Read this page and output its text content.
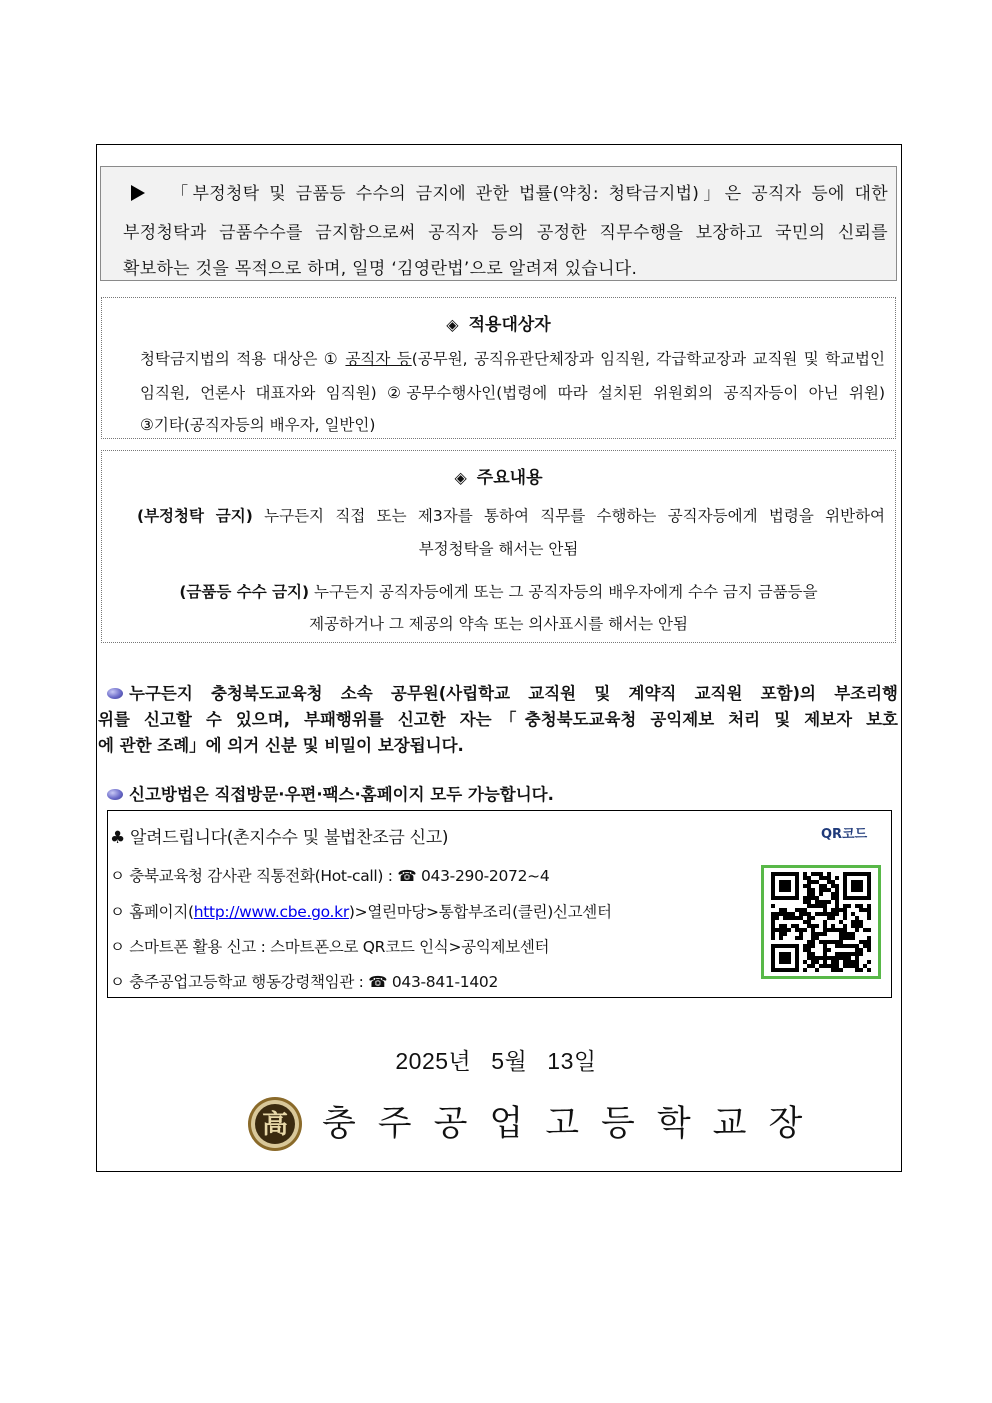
「부정청탁 및 금품등 수수의 금지에 관한 법률(약칭: 청탁금지법)」은 공직자 등에 대한
부정청탁과 금품수수를 금지함으로써 공직자 등의 공정한 직무수행을 보장하고 국민의 신뢰를
확보하는 것을 목적으로 하며, 일명 ‘김영란법’으로 알려져 있습니다.
◈ 적용대상자
청탁금지법의 적용 대상은 ① 공직자 등(공무원, 공직유관단체장과 임직원, 각급학교장과 교직원 및 학교법인
임직원, 언론사 대표자와 임직원) ②공무수행사인(법령에 따라 설치된 위원회의 공직자등이 아닌 위원)
③기타(공직자등의 배우자, 일반인)
◈ 주요내용
(부정청탁 금지) 누구든지 직접 또는 제3자를 통하여 직무를 수행하는 공직자등에게 법령을 위반하여
부정청탁을 해서는 안됨
(금품등 수수 금지) 누구든지 공직자등에게 또는 그 공직자등의 배우자에게 수수 금지 금품등을
제공하거나 그 제공의 약속 또는 의사표시를 해서는 안됨
누구든지 충청북도교육청 소속 공무원(사립학교 교직원 및 계약직 교직원 포함)의 부조리행
위를 신고할 수 있으며, 부패행위를 신고한 자는「충청북도교육청 공익제보 처리 및 제보자 보호
에 관한 조례」에 의거 신분 및 비밀이 보장됩니다.
신고방법은 직접방문·우편·팩스·홈페이지 모두 가능합니다.
♣ 알려드립니다(촌지수수 및 불법찬조금 신고)	QR코드
ㅇ 충북교육청 감사관 직통전화(Hot-call) : ☎ 043-290-2072~4
ㅇ 홈페이지(http://www.cbe.go.kr)>열린마당>통합부조리(클린)신고센터
ㅇ 스마트폰 활용 신고 : 스마트폰으로 QR코드 인식>공익제보센터
ㅇ 충주공업고등학교 행동강령책임관 : ☎ 043-841-1402
2025년 5월 13일
高 충주공업고등학교장
